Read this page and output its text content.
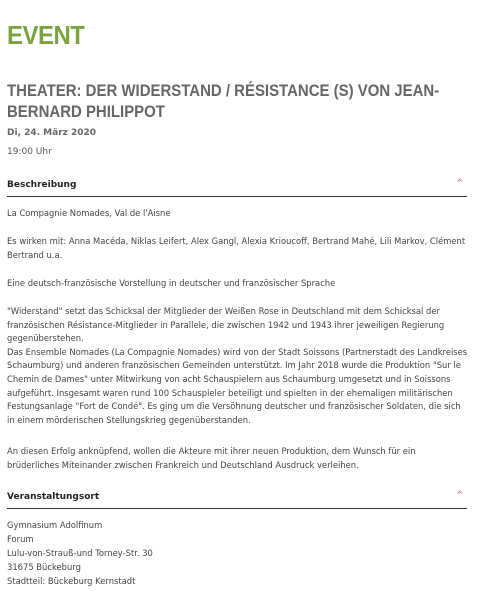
EVENT
THEATER: DER WIDERSTAND / RÉSISTANCE (S) VON JEAN-BERNARD PHILIPPOT
Di, 24. März 2020
19:00 Uhr
Beschreibung	^
La Compagnie Nomades, Val de l'Aisne
Es wirken mit: Anna Macéda, Niklas Leifert, Alex Gangl, Alexia Krioucoff, Bertrand Mahé, Lili Markov, Clément Bertrand u.a.
Eine deutsch-französische Vorstellung in deutscher und französischer Sprache
"Widerstand" setzt das Schicksal der Mitglieder der Weißen Rose in Deutschland mit dem Schicksal der französischen Résistance-Mitglieder in Parallele, die zwischen 1942 und 1943 ihrer jeweiligen Regierung gegenüberstehen.
Das Ensemble Nomades (La Compagnie Nomades) wird von der Stadt Soissons (Partnerstadt des Landkreises Schaumburg) und anderen französischen Gemeinden unterstützt. Im Jahr 2018 wurde die Produktion "Sur le Chemin de Dames" unter Mitwirkung von acht Schauspielern aus Schaumburg umgesetzt und in Soissons aufgeführt. Insgesamt waren rund 100 Schauspieler beteiligt und spielten in der ehemaligen militärischen Festungsanlage "Fort de Condé". Es ging um die Versöhnung deutscher und französischer Soldaten, die sich in einem mörderischen Stellungskrieg gegenüberstanden.
An diesen Erfolg anknüpfend, wollen die Akteure mit ihrer neuen Produktion, dem Wunsch für ein brüderliches Miteinander zwischen Frankreich und Deutschland Ausdruck verleihen.
Veranstaltungsort	^
Gymnasium Adolfinum
Forum
Lulu-von-Strauß-und Torney-Str. 30
31675 Bückeburg
Stadtteil: Bückeburg Kernstadt
